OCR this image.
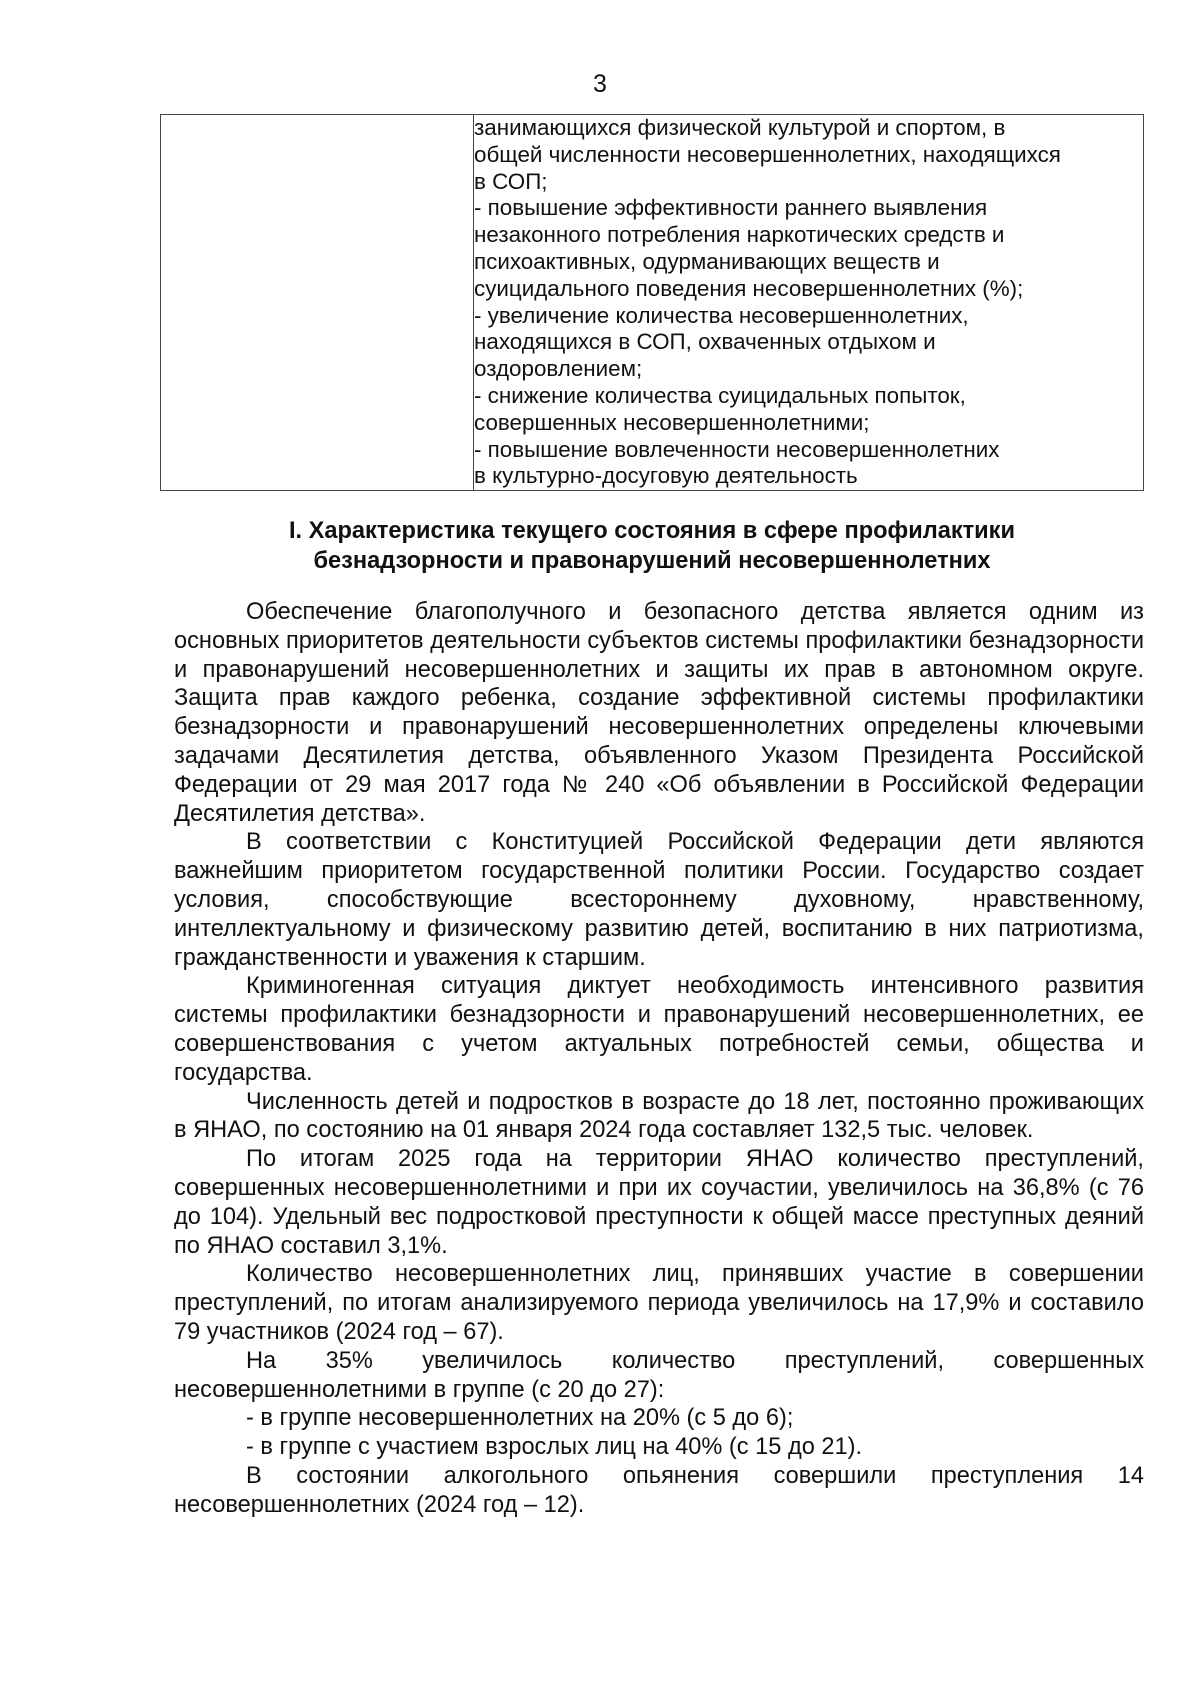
3

занимающихся физической культурой и спортом, в
общей численности несовершеннолетних, находящихся
в СОП;
- повышение эффективности раннего выявления
незаконного потребления наркотических средств и
психоактивных, одурманивающих веществ и
суицидального поведения несовершеннолетних (%);
- увеличение количества несовершеннолетних,
находящихся в СОП, охваченных отдыхом и
оздоровлением;
- снижение количества суицидальных попыток,
совершенных несовершеннолетними;
- повышение вовлеченности несовершеннолетних
в культурно-досуговую деятельность
I. Характеристика текущего состояния в сфере профилактики
безнадзорности и правонарушений несовершеннолетних

Обеспечение благополучного и безопасного детства является одним из основных приоритетов деятельности субъектов системы профилактики безнадзорности и правонарушений несовершеннолетних и защиты их прав в автономном округе. Защита прав каждого ребенка, создание эффективной системы профилактики безнадзорности и правонарушений несовершеннолетних определены ключевыми задачами Десятилетия детства, объявленного Указом Президента Российской Федерации от 29 мая 2017 года № 240 «Об объявлении в Российской Федерации Десятилетия детства».

В соответствии с Конституцией Российской Федерации дети являются важнейшим приоритетом государственной политики России. Государство создает условия, способствующие всестороннему духовному, нравственному, интеллектуальному и физическому развитию детей, воспитанию в них патриотизма, гражданственности и уважения к старшим.

Криминогенная ситуация диктует необходимость интенсивного развития системы профилактики безнадзорности и правонарушений несовершеннолетних, ее совершенствования с учетом актуальных потребностей семьи, общества и государства.

Численность детей и подростков в возрасте до 18 лет, постоянно проживающих в ЯНАО, по состоянию на 01 января 2024 года составляет 132,5 тыс. человек.

По итогам 2025 года на территории ЯНАО количество преступлений, совершенных несовершеннолетними и при их соучастии, увеличилось на 36,8% (с 76 до 104). Удельный вес подростковой преступности к общей массе преступных деяний по ЯНАО составил 3,1%.

Количество несовершеннолетних лиц, принявших участие в совершении преступлений, по итогам анализируемого периода увеличилось на 17,9% и составило 79 участников (2024 год – 67).

На 35% увеличилось количество преступлений, совершенных несовершеннолетними в группе (с 20 до 27):

- в группе несовершеннолетних на 20% (с 5 до 6);

- в группе с участием взрослых лиц на 40% (с 15 до 21).

В состоянии алкогольного опьянения совершили преступления 14 несовершеннолетних (2024 год – 12).
